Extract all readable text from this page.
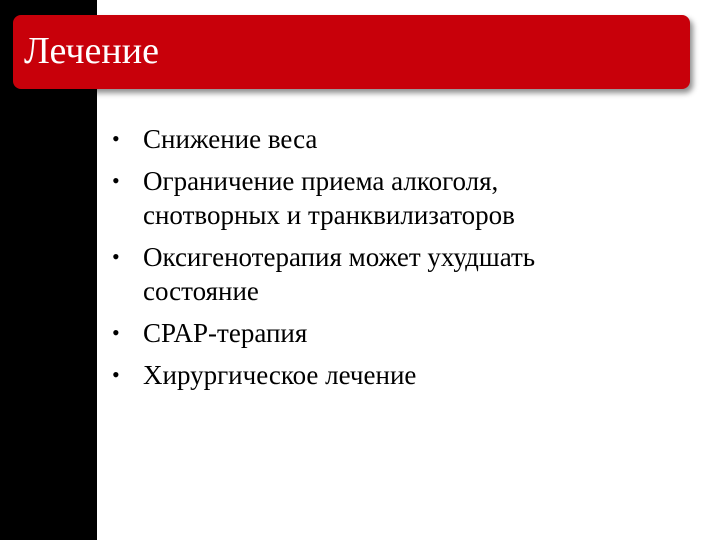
Лечение
• Снижение веса
• Ограничение приема алкоголя,
снотворных и транквилизаторов
• Оксигенотерапия может ухудшать
состояние
• CPAP-терапия
• Хирургическое лечение
